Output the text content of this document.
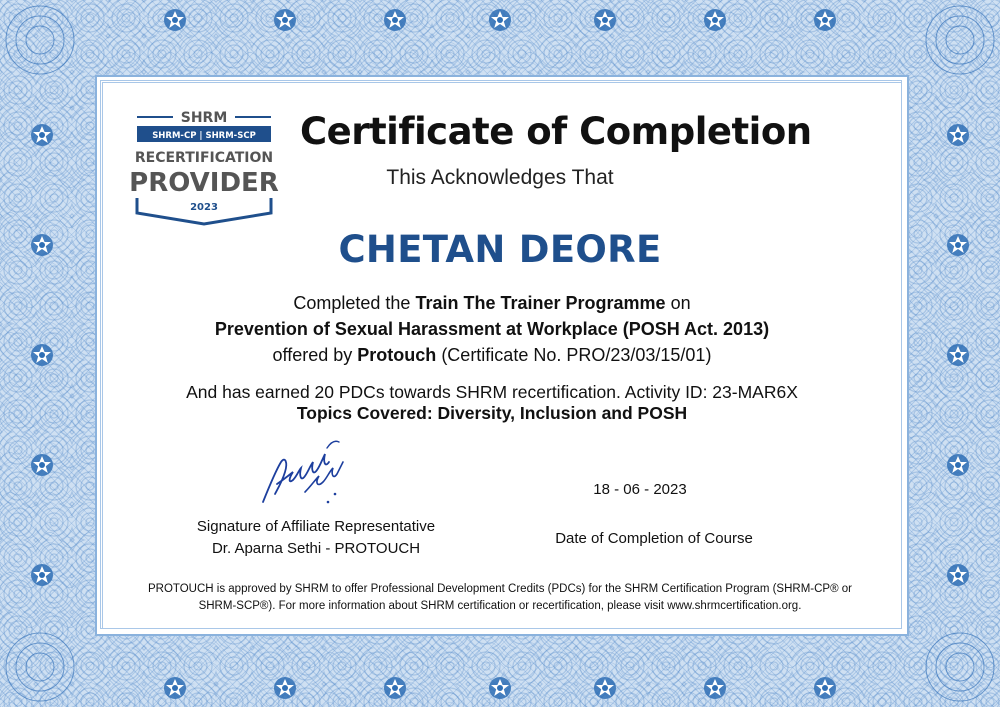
SHRM
SHRM-CP | SHRM-SCP
RECERTIFICATION
PROVIDER
2023
Certificate of Completion
This Acknowledges That
CHETAN DEORE
Completed the Train The Trainer Programme on
Prevention of Sexual Harassment at Workplace (POSH Act. 2013)
offered by Protouch (Certificate No. PRO/23/03/15/01)
And has earned 20 PDCs towards SHRM recertification. Activity ID: 23-MAR6X
Topics Covered: Diversity, Inclusion and POSH
Signature of Affiliate Representative
Dr. Aparna Sethi - PROTOUCH
18 - 06 - 2023
Date of Completion of Course
PROTOUCH is approved by SHRM to offer Professional Development Credits (PDCs) for the SHRM Certification Program (SHRM-CP® or SHRM-SCP®). For more information about SHRM certification or recertification, please visit www.shrmcertification.org.
